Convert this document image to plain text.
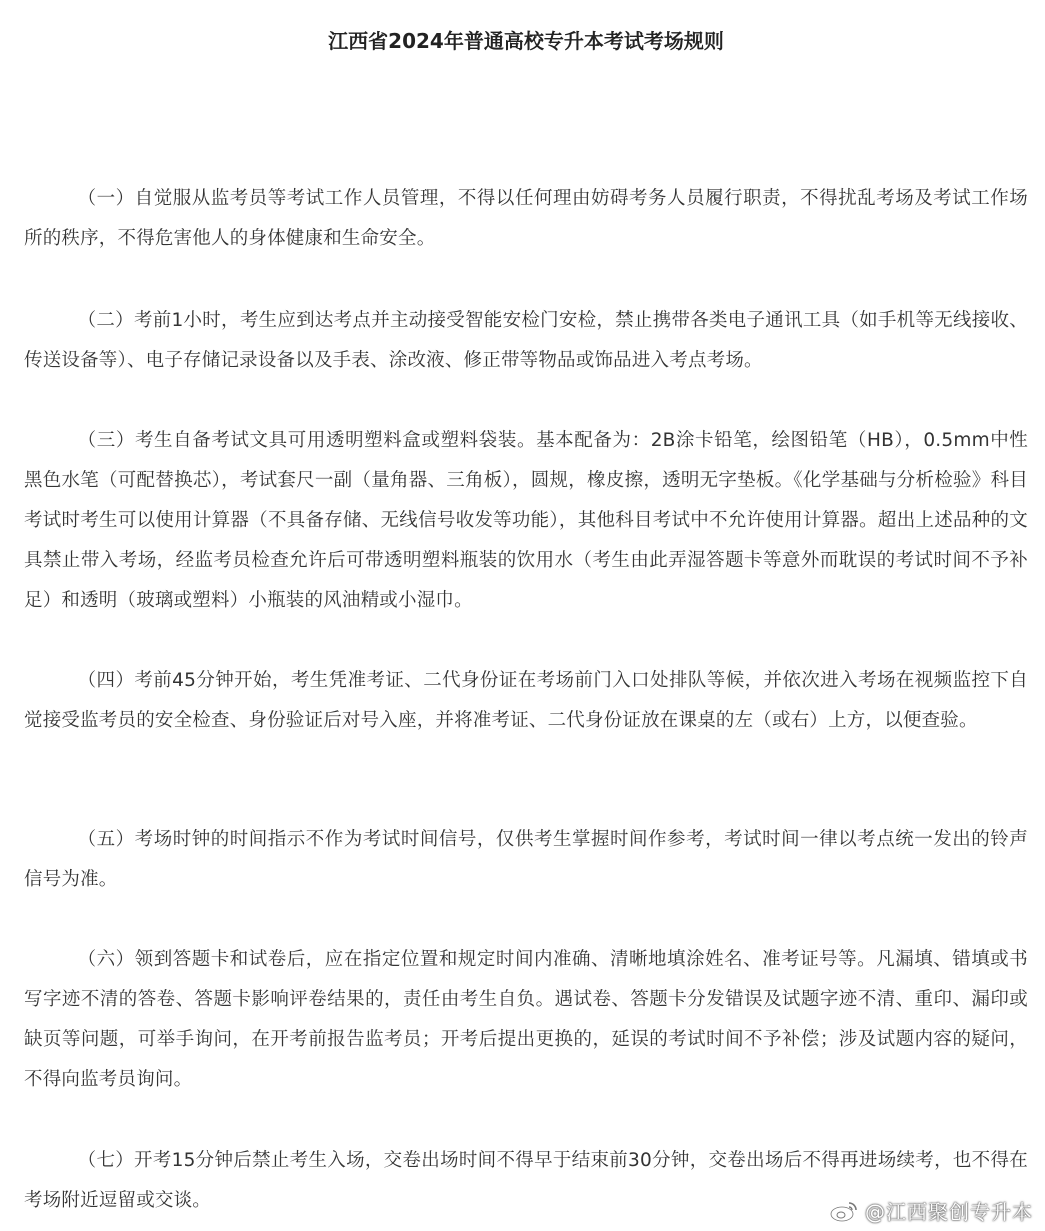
江西省2024年普通高校专升本考试考场规则

（一）自觉服从监考员等考试工作人员管理，不得以任何理由妨碍考务人员履行职责，不得扰乱考场及考试工作场所的秩序，不得危害他人的身体健康和生命安全。

（二）考前1小时，考生应到达考点并主动接受智能安检门安检，禁止携带各类电子通讯工具（如手机等无线接收、传送设备等）、电子存储记录设备以及手表、涂改液、修正带等物品或饰品进入考点考场。

（三）考生自备考试文具可用透明塑料盒或塑料袋装。基本配备为：2B涂卡铅笔，绘图铅笔（HB），0.5mm中性黑色水笔（可配替换芯），考试套尺一副（量角器、三角板），圆规，橡皮擦，透明无字垫板。《化学基础与分析检验》科目考试时考生可以使用计算器（不具备存储、无线信号收发等功能），其他科目考试中不允许使用计算器。超出上述品种的文具禁止带入考场，经监考员检查允许后可带透明塑料瓶装的饮用水（考生由此弄湿答题卡等意外而耽误的考试时间不予补足）和透明（玻璃或塑料）小瓶装的风油精或小湿巾。

（四）考前45分钟开始，考生凭准考证、二代身份证在考场前门入口处排队等候，并依次进入考场在视频监控下自觉接受监考员的安全检查、身份验证后对号入座，并将准考证、二代身份证放在课桌的左（或右）上方，以便查验。

（五）考场时钟的时间指示不作为考试时间信号，仅供考生掌握时间作参考，考试时间一律以考点统一发出的铃声信号为准。

（六）领到答题卡和试卷后，应在指定位置和规定时间内准确、清晰地填涂姓名、准考证号等。凡漏填、错填或书写字迹不清的答卷、答题卡影响评卷结果的，责任由考生自负。遇试卷、答题卡分发错误及试题字迹不清、重印、漏印或缺页等问题，可举手询问，在开考前报告监考员；开考后提出更换的，延误的考试时间不予补偿；涉及试题内容的疑问，不得向监考员询问。

（七）开考15分钟后禁止考生入场，交卷出场时间不得早于结束前30分钟，交卷出场后不得再进场续考，也不得在考场附近逗留或交谈。	@江西聚创专升本
